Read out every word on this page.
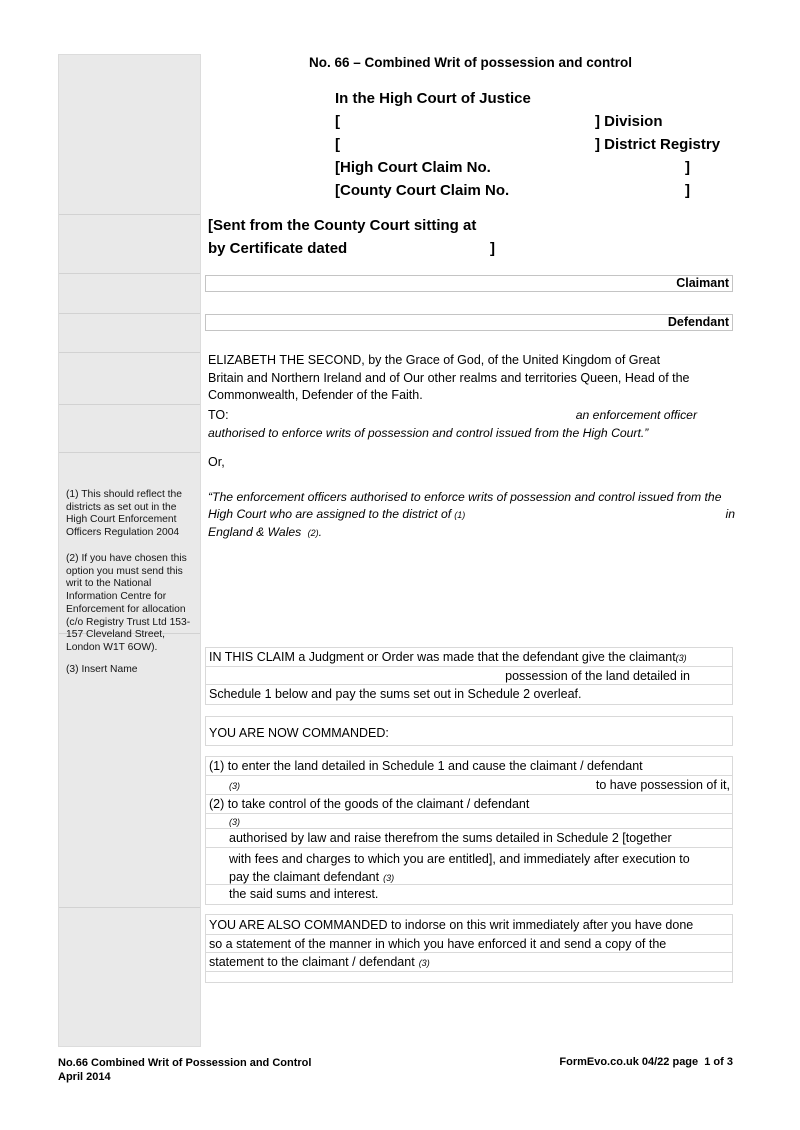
(1) This should reflect the districts as set out in the High Court Enforcement Officers Regulation 2004
(2) If you have chosen this option you must send this writ to the National Information Centre for Enforcement for allocation (c/o Registry Trust Ltd 153-157 Cleveland Street, London W1T 6OW).
(3) Insert Name
No. 66 – Combined Writ of possession and control
In the High Court of Justice
[	] Division
[	] District Registry
[High Court Claim No.	]
[County Court Claim No.	]
[Sent from the County Court sitting at
by Certificate dated	]
Claimant
Defendant
ELIZABETH THE SECOND, by the Grace of God, of the United Kingdom of Great
Britain and Northern Ireland and of Our other realms and territories Queen, Head of the
Commonwealth, Defender of the Faith.
TO:	an enforcement officer
authorised to enforce writs of possession and control issued from the High Court.”
Or,
“The enforcement officers authorised to enforce writs of possession and control issued from the
High Court who are assigned to the district of (1)	in
England & Wales (2).
IN THIS CLAIM a Judgment or Order was made that the defendant give the claimant(3)
possession of the land detailed in
Schedule 1 below and pay the sums set out in Schedule 2 overleaf.
YOU ARE NOW COMMANDED:
(1) to enter the land detailed in Schedule 1 and cause the claimant / defendant
(3)	to have possession of it,
(2) to take control of the goods of the claimant / defendant
(3)
authorised by law and raise therefrom the sums detailed in Schedule 2 [together
with fees and charges to which you are entitled], and immediately after execution to
pay the claimant defendant (3)
the said sums and interest.
YOU ARE ALSO COMMANDED to indorse on this writ immediately after you have done
so a statement of the manner in which you have enforced it and send a copy of the
statement to the claimant / defendant (3)
No.66 Combined Writ of Possession and Control
April 2014
FormEvo.co.uk 04/22 page  1 of 3
